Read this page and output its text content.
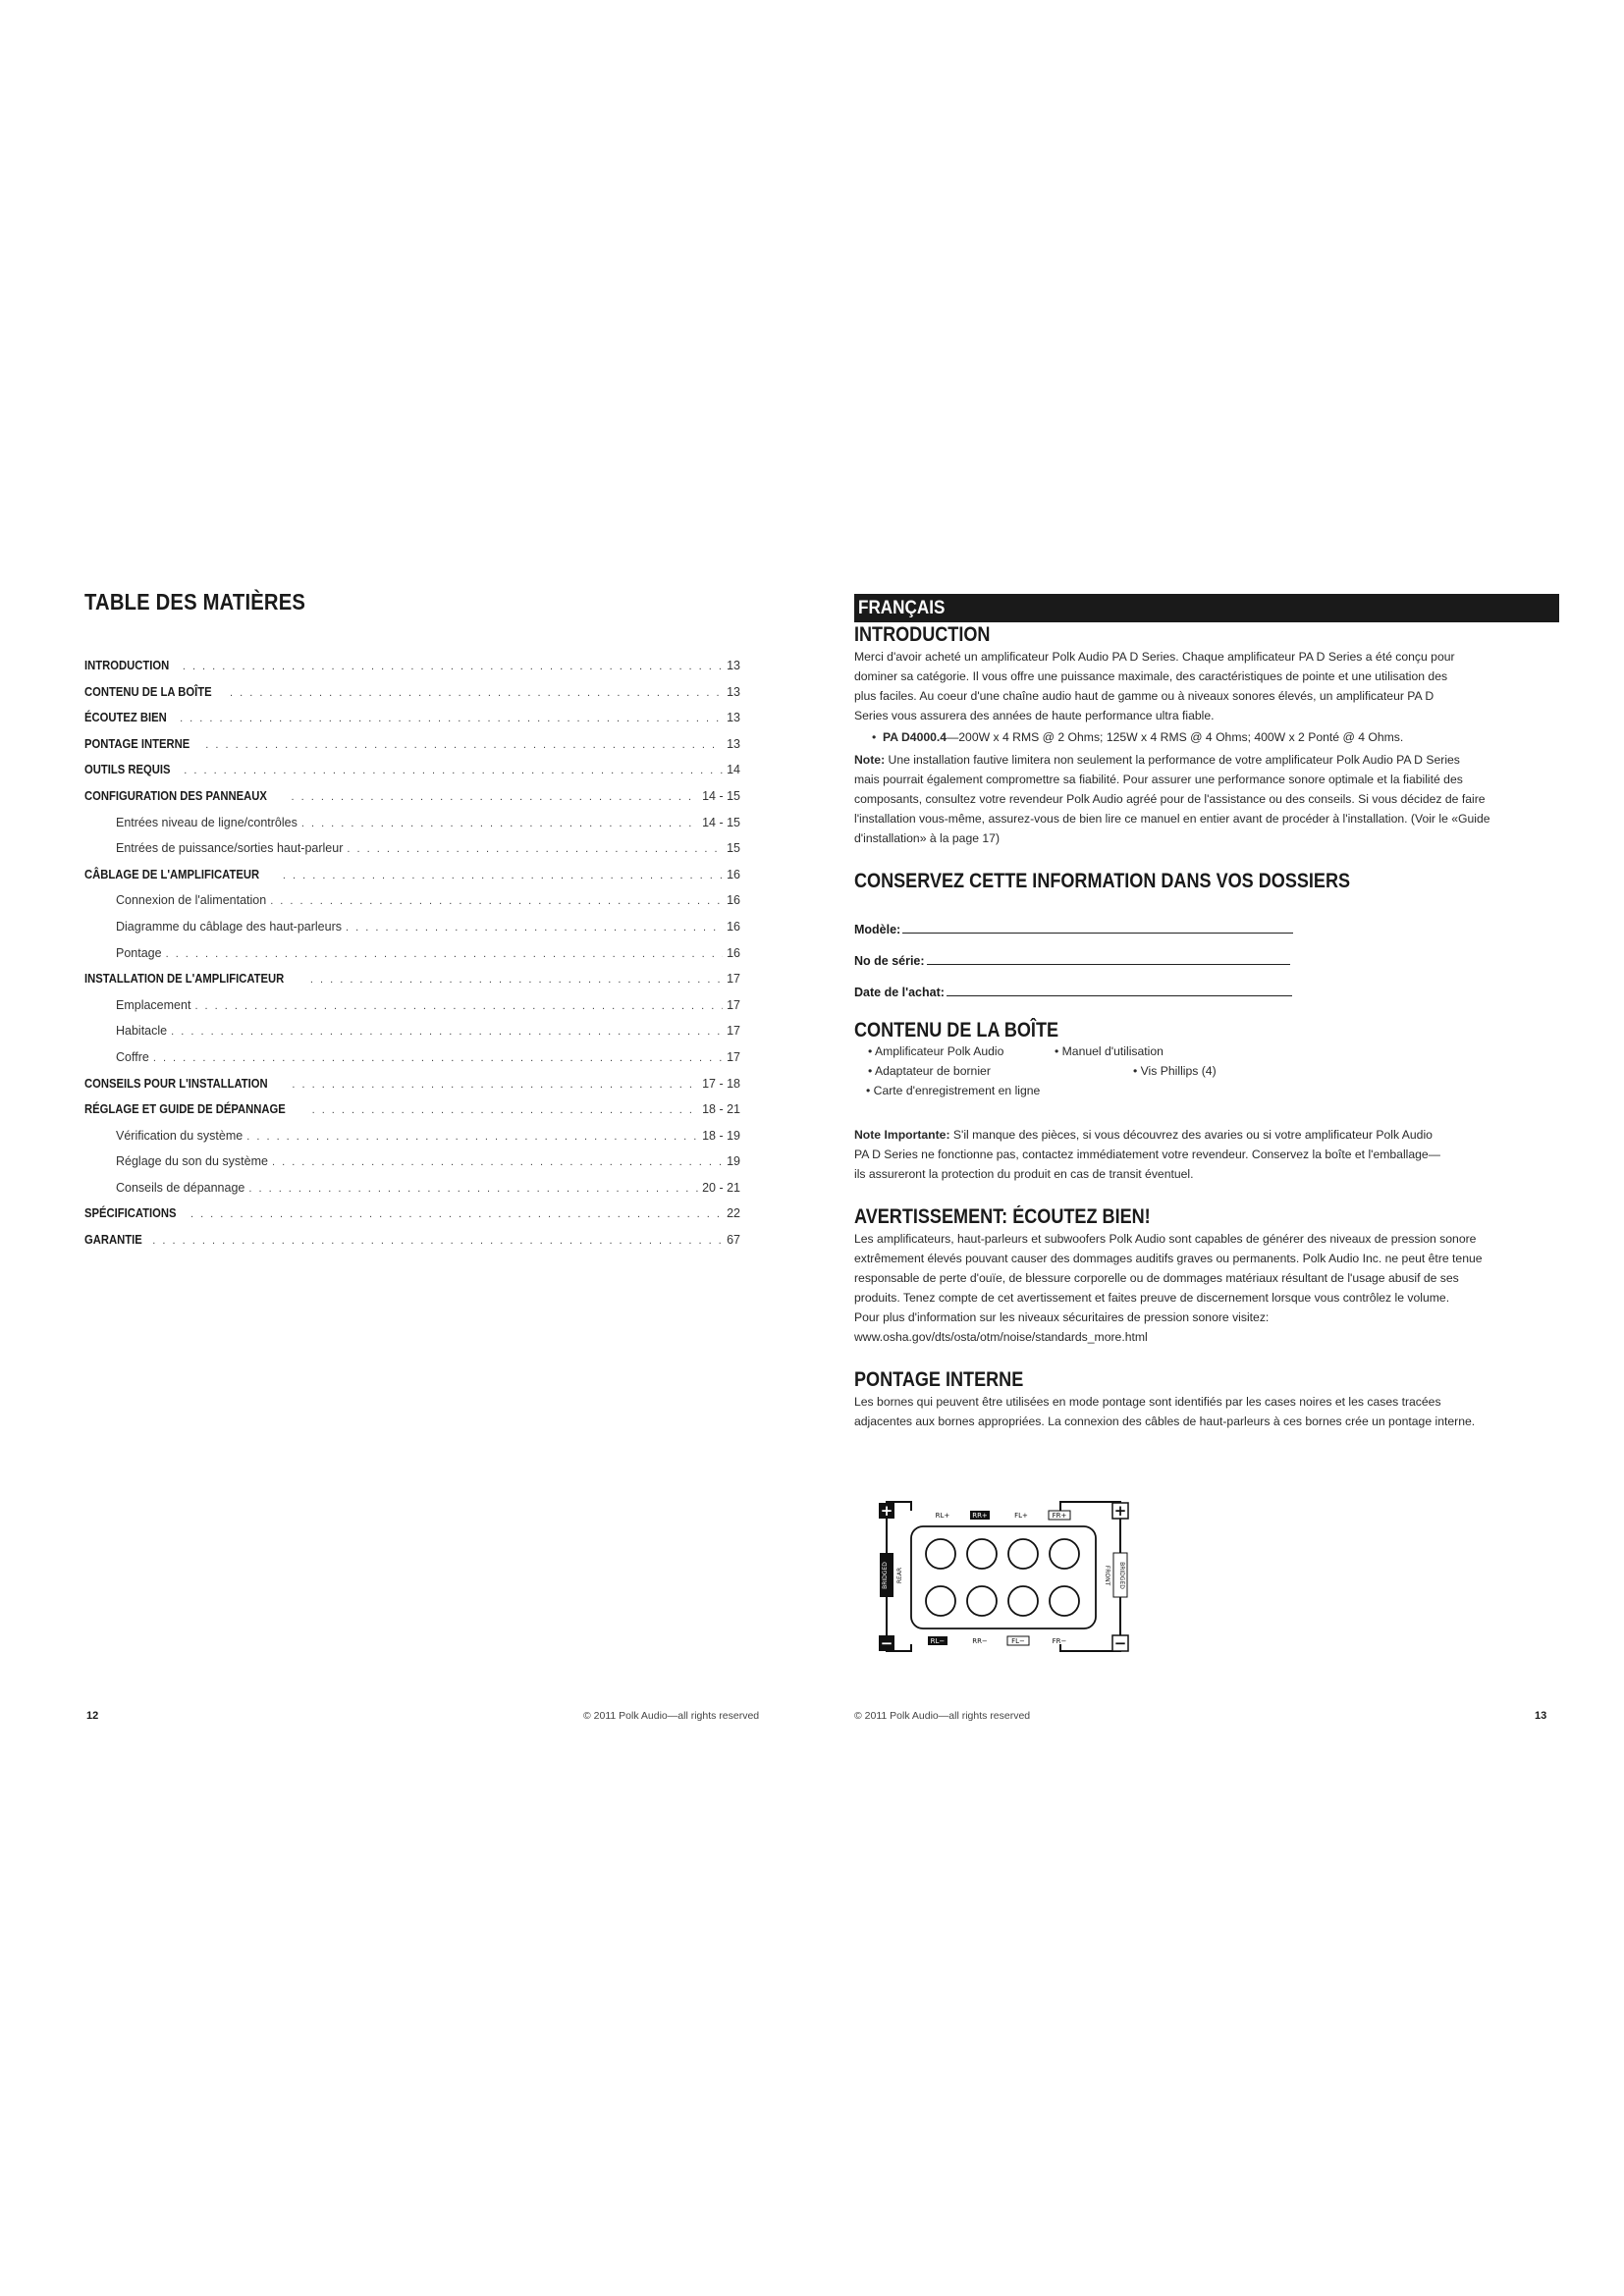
TABLE DES MATIÈRES
INTRODUCTION . . .	13
CONTENU DE LA BOÎTE . . .	13
ÉCOUTEZ BIEN . . .	13
PONTAGE INTERNE . . .	13
OUTILS REQUIS . . .	14
CONFIGURATION DES PANNEAUX . . .	14 - 15
Entrées niveau de ligne/contrôles . . .	14 - 15
Entrées de puissance/sorties haut-parleur . . .	15
CÂBLAGE DE L'AMPLIFICATEUR . . .	16
Connexion de l'alimentation . . .	16
Diagramme du câblage des haut-parleurs . . .	16
Pontage . . .	16
INSTALLATION DE L'AMPLIFICATEUR . . .	17
Emplacement . . .	17
Habitacle . . .	17
Coffre . . .	17
CONSEILS POUR L'INSTALLATION . . .	17 - 18
RÉGLAGE ET GUIDE DE DÉPANNAGE . . .	18 - 21
Vérification du système . . .	18 - 19
Réglage du son du système . . .	19
Conseils de dépannage . . .	20 - 21
SPÉCIFICATIONS . . .	22
GARANTIE . . .	67
12	© 2011 Polk Audio—all rights reserved
FRANÇAIS
INTRODUCTION

Merci d'avoir acheté un amplificateur Polk Audio PA D Series. Chaque amplificateur PA D Series a été conçu pour

dominer sa catégorie. Il vous offre une puissance maximale, des caractéristiques de pointe et une utilisation des

plus faciles. Au coeur d'une chaîne audio haut de gamme ou à niveaux sonores élevés, un amplificateur PA D

Series vous assurera des années de haute performance ultra fiable.

•  PA D4000.4—200W x 4 RMS @ 2 Ohms; 125W x 4 RMS @ 4 Ohms; 400W x 2 Ponté @ 4 Ohms.

Note: Une installation fautive limitera non seulement la performance de votre amplificateur Polk Audio PA D Series

mais pourrait également compromettre sa fiabilité. Pour assurer une performance sonore optimale et la fiabilité des

composants, consultez votre revendeur Polk Audio agréé pour de l'assistance ou des conseils. Si vous décidez de faire

l'installation vous-même, assurez-vous de bien lire ce manuel en entier avant de procéder à l'installation. (Voir le «Guide

d'installation» à la page 17)

CONSERVEZ CETTE INFORMATION DANS VOS DOSSIERS
Modèle:
No de série:
Date de l'achat:
CONTENU DE LA BOÎTE
• Amplificateur Polk Audio	• Manuel d'utilisation
• Adaptateur de bornier	• Vis Phillips (4)
• Carte d'enregistrement en ligne

Note Importante: S'il manque des pièces, si vous découvrez des avaries ou si votre amplificateur Polk Audio

PA D Series ne fonctionne pas, contactez immédiatement votre revendeur. Conservez la boîte et l'emballage—

ils assureront la protection du produit en cas de transit éventuel.

AVERTISSEMENT: ÉCOUTEZ BIEN!

Les amplificateurs, haut-parleurs et subwoofers Polk Audio sont capables de générer des niveaux de pression sonore

extrêmement élevés pouvant causer des dommages auditifs graves ou permanents. Polk Audio Inc. ne peut être tenue

responsable de perte d'ouïe, de blessure corporelle ou de dommages matériaux résultant de l'usage abusif de ses

produits. Tenez compte de cet avertissement et faites preuve de discernement lorsque vous contrôlez le volume.

Pour plus d'information sur les niveaux sécuritaires de pression sonore visitez:

www.osha.gov/dts/osta/otm/noise/standards_more.html

PONTAGE INTERNE

Les bornes qui peuvent être utilisées en mode pontage sont identifiés par les cases noires et les cases tracées

adjacentes aux bornes appropriées. La connexion des câbles de haut-parleurs à ces bornes crée un pontage interne.

+	+
−	−
BRIDGED REAR	BRIDGED
FRONT
RL+	RR+	FL+	FR+
RL−	RR−	FL−	FR−
© 2011 Polk Audio—all rights reserved	13
